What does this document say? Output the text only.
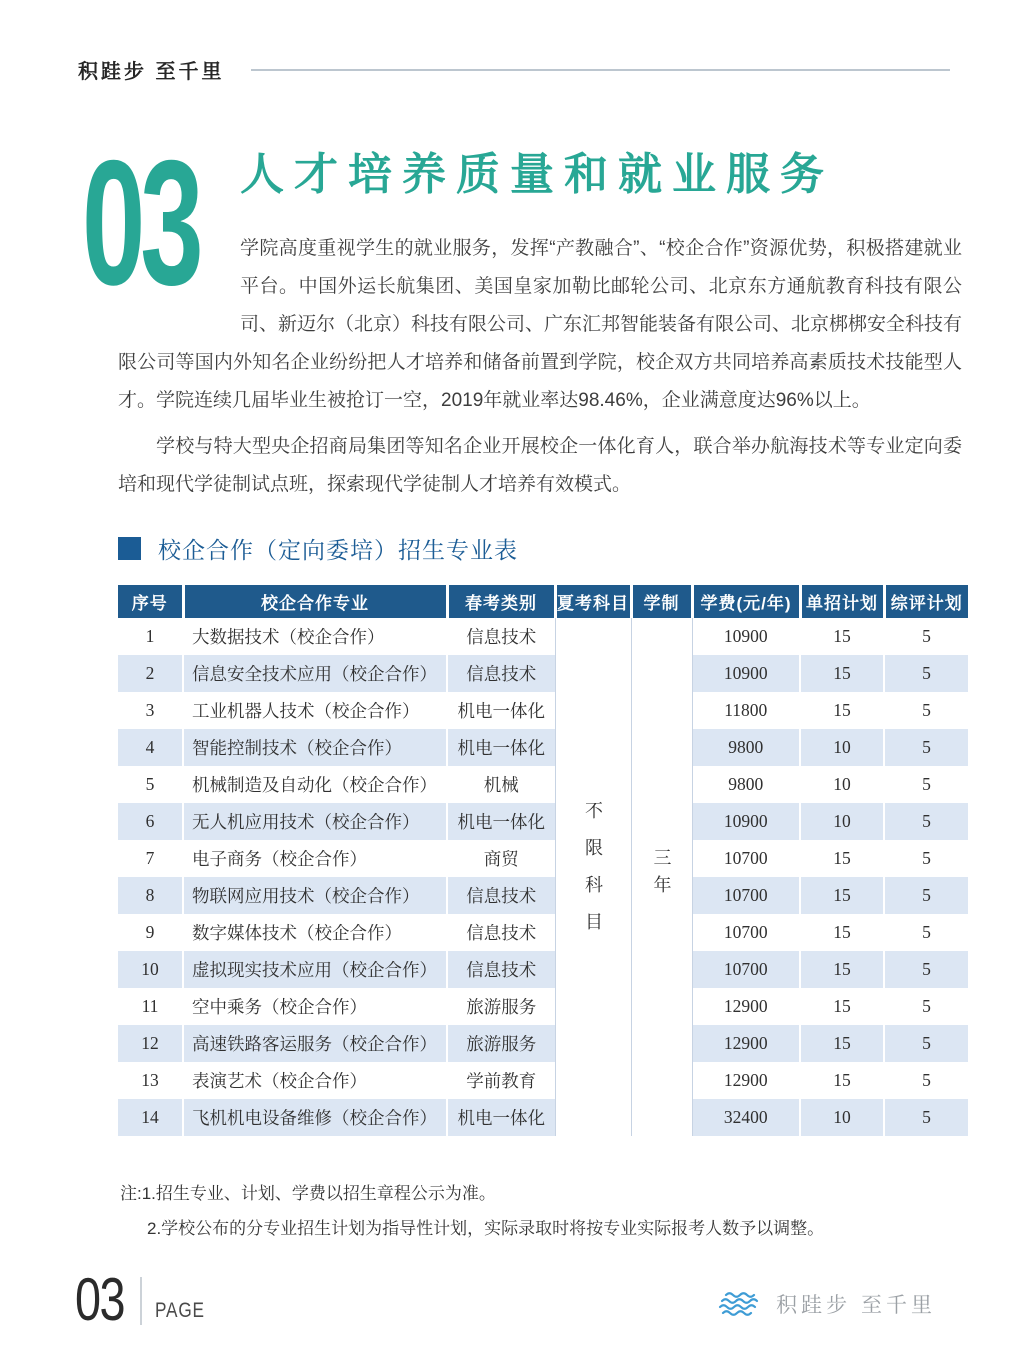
积跬步 至千里
03 人才培养质量和就业服务

学院高度重视学生的就业服务，发挥“产教融合”、“校企合作”资源优势，积极搭建就业平台。中国外运长航集团、美国皇家加勒比邮轮公司、北京东方通航教育科技有限公司、新迈尔（北京）科技有限公司、广东汇邦智能装备有限公司、北京梆梆安全科技有限公司等国内外知名企业纷纷把人才培养和储备前置到学院，校企双方共同培养高素质技术技能型人才。学院连续几届毕业生被抢订一空，2019年就业率达98.46%，企业满意度达96%以上。

学校与特大型央企招商局集团等知名企业开展校企一体化育人，联合举办航海技术等专业定向委培和现代学徒制试点班，探索现代学徒制人才培养有效模式。

校企合作（定向委培）招生专业表
序号	校企合作专业	春考类别	夏考科目	学制	学费(元/年)	单招计划	综评计划
1	大数据技术（校企合作）	信息技术	不限科目	三年	10900	15	5
2	信息安全技术应用（校企合作）	信息技术			10900	15	5
3	工业机器人技术（校企合作）	机电一体化			11800	15	5
4	智能控制技术（校企合作）	机电一体化			9800	10	5
5	机械制造及自动化（校企合作）	机械			9800	10	5
6	无人机应用技术（校企合作）	机电一体化			10900	10	5
7	电子商务（校企合作）	商贸			10700	15	5
8	物联网应用技术（校企合作）	信息技术			10700	15	5
9	数字媒体技术（校企合作）	信息技术			10700	15	5
10	虚拟现实技术应用（校企合作）	信息技术			10700	15	5
11	空中乘务（校企合作）	旅游服务			12900	15	5
12	高速铁路客运服务（校企合作）	旅游服务			12900	15	5
13	表演艺术（校企合作）	学前教育			12900	15	5
14	飞机机电设备维修（校企合作）	机电一体化			32400	10	5
注:1.招生专业、计划、学费以招生章程公示为准。
2.学校公布的分专业招生计划为指导性计划，实际录取时将按专业实际报考人数予以调整。
03 PAGE	积跬步 至千里
